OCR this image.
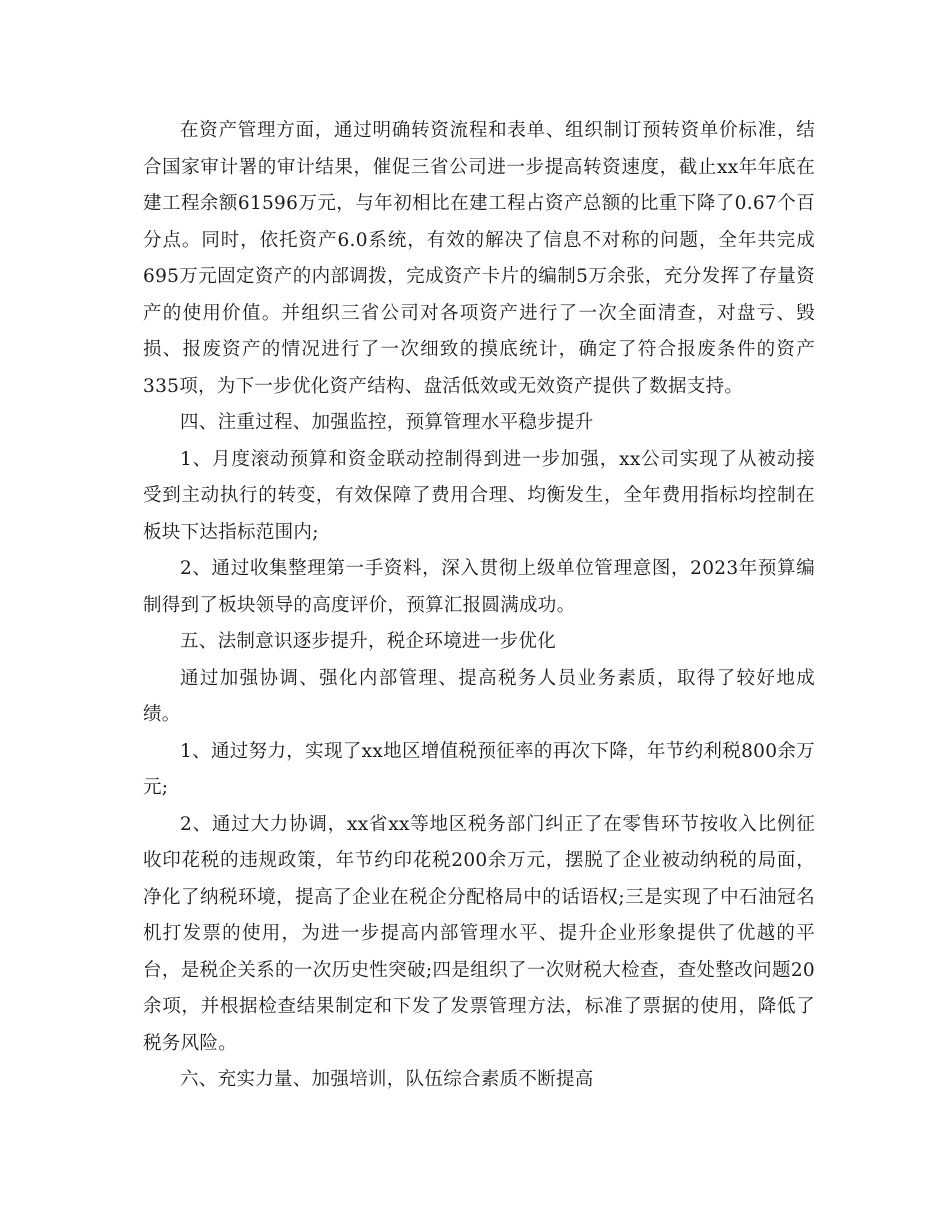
在资产管理方面，通过明确转资流程和表单、组织制订预转资单价标准，结合国家审计署的审计结果，催促三省公司进一步提高转资速度，截止xx年年底在建工程余额61596万元，与年初相比在建工程占资产总额的比重下降了0.67个百分点。同时，依托资产6.0系统，有效的解决了信息不对称的问题，全年共完成695万元固定资产的内部调拨，完成资产卡片的编制5万余张，充分发挥了存量资产的使用价值。并组织三省公司对各项资产进行了一次全面清查，对盘亏、毁损、报废资产的情况进行了一次细致的摸底统计，确定了符合报废条件的资产335项，为下一步优化资产结构、盘活低效或无效资产提供了数据支持。

四、注重过程、加强监控，预算管理水平稳步提升

1、月度滚动预算和资金联动控制得到进一步加强，xx公司实现了从被动接受到主动执行的转变，有效保障了费用合理、均衡发生，全年费用指标均控制在板块下达指标范围内;

2、通过收集整理第一手资料，深入贯彻上级单位管理意图，2023年预算编制得到了板块领导的高度评价，预算汇报圆满成功。

五、法制意识逐步提升，税企环境进一步优化

通过加强协调、强化内部管理、提高税务人员业务素质，取得了较好地成绩。

1、通过努力，实现了xx地区增值税预征率的再次下降，年节约利税800余万元;

2、通过大力协调，xx省xx等地区税务部门纠正了在零售环节按收入比例征收印花税的违规政策，年节约印花税200余万元，摆脱了企业被动纳税的局面，净化了纳税环境，提高了企业在税企分配格局中的话语权;三是实现了中石油冠名机打发票的使用，为进一步提高内部管理水平、提升企业形象提供了优越的平台，是税企关系的一次历史性突破;四是组织了一次财税大检查，查处整改问题20余项，并根据检查结果制定和下发了发票管理方法，标准了票据的使用，降低了税务风险。

六、充实力量、加强培训，队伍综合素质不断提高
